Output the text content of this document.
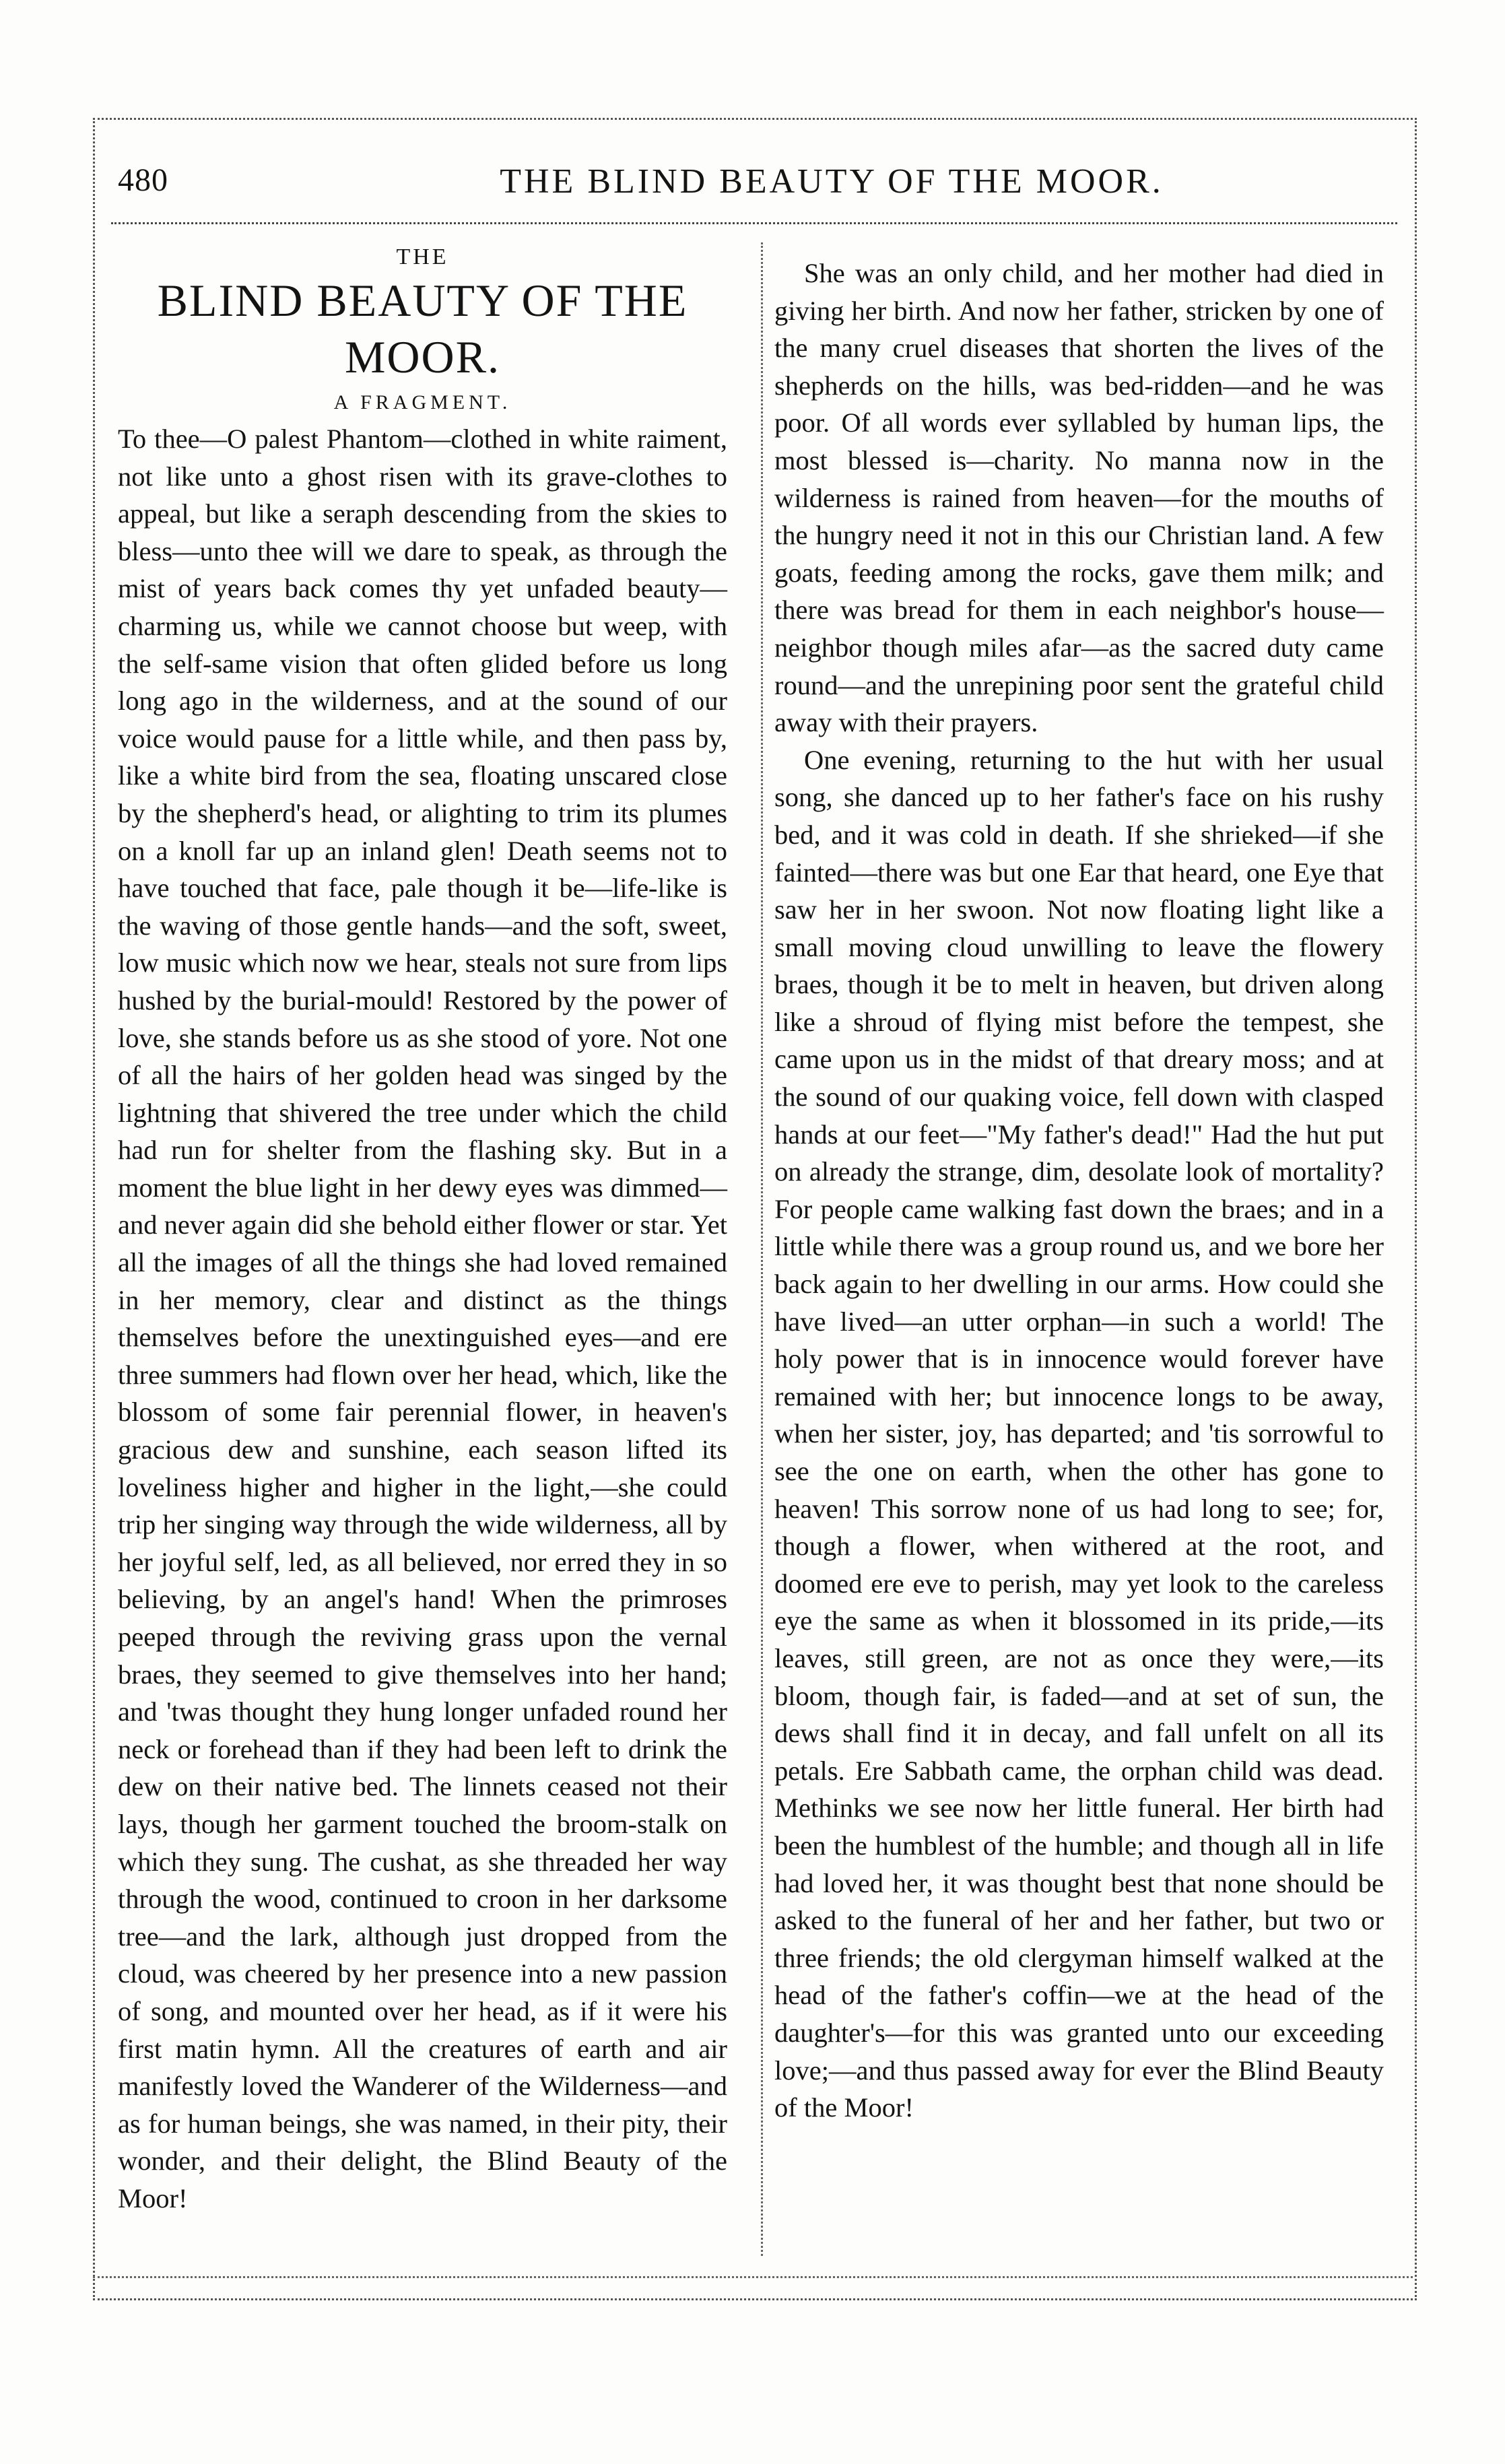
480	THE BLIND BEAUTY OF THE MOOR.
THE
BLIND BEAUTY OF THE MOOR.
A FRAGMENT.

To thee—O palest Phantom—clothed in white raiment, not like unto a ghost risen with its grave-clothes to appeal, but like a seraph descending from the skies to bless—unto thee will we dare to speak, as through the mist of years back comes thy yet unfaded beauty—charming us, while we cannot choose but weep, with the self-same vision that often glided before us long long ago in the wilderness, and at the sound of our voice would pause for a little while, and then pass by, like a white bird from the sea, floating unscared close by the shepherd's head, or alighting to trim its plumes on a knoll far up an inland glen! Death seems not to have touched that face, pale though it be—life-like is the waving of those gentle hands—and the soft, sweet, low music which now we hear, steals not sure from lips hushed by the burial-mould! Restored by the power of love, she stands before us as she stood of yore. Not one of all the hairs of her golden head was singed by the lightning that shivered the tree under which the child had run for shelter from the flashing sky. But in a moment the blue light in her dewy eyes was dimmed—and never again did she behold either flower or star. Yet all the images of all the things she had loved remained in her memory, clear and distinct as the things themselves before the unextinguished eyes—and ere three summers had flown over her head, which, like the blossom of some fair perennial flower, in heaven's gracious dew and sunshine, each season lifted its loveliness higher and higher in the light,—she could trip her singing way through the wide wilderness, all by her joyful self, led, as all believed, nor erred they in so believing, by an angel's hand! When the primroses peeped through the reviving grass upon the vernal braes, they seemed to give themselves into her hand; and 'twas thought they hung longer unfaded round her neck or forehead than if they had been left to drink the dew on their native bed. The linnets ceased not their lays, though her garment touched the broom-stalk on which they sung. The cushat, as she threaded her way through the wood, continued to croon in her darksome tree—and the lark, although just dropped from the cloud, was cheered by her presence into a new passion of song, and mounted over her head, as if it were his first matin hymn. All the creatures of earth and air manifestly loved the Wanderer of the Wilderness—and as for human beings, she was named, in their pity, their wonder, and their delight, the Blind Beauty of the Moor!

She was an only child, and her mother had died in giving her birth. And now her father, stricken by one of the many cruel diseases that shorten the lives of the shepherds on the hills, was bed-ridden—and he was poor. Of all words ever syllabled by human lips, the most blessed is—charity. No manna now in the wilderness is rained from heaven—for the mouths of the hungry need it not in this our Christian land. A few goats, feeding among the rocks, gave them milk; and there was bread for them in each neighbor's house—neighbor though miles afar—as the sacred duty came round—and the unrepining poor sent the grateful child away with their prayers.

One evening, returning to the hut with her usual song, she danced up to her father's face on his rushy bed, and it was cold in death. If she shrieked—if she fainted—there was but one Ear that heard, one Eye that saw her in her swoon. Not now floating light like a small moving cloud unwilling to leave the flowery braes, though it be to melt in heaven, but driven along like a shroud of flying mist before the tempest, she came upon us in the midst of that dreary moss; and at the sound of our quaking voice, fell down with clasped hands at our feet—"My father's dead!" Had the hut put on already the strange, dim, desolate look of mortality? For people came walking fast down the braes; and in a little while there was a group round us, and we bore her back again to her dwelling in our arms. How could she have lived—an utter orphan—in such a world! The holy power that is in innocence would forever have remained with her; but innocence longs to be away, when her sister, joy, has departed; and 'tis sorrowful to see the one on earth, when the other has gone to heaven! This sorrow none of us had long to see; for, though a flower, when withered at the root, and doomed ere eve to perish, may yet look to the careless eye the same as when it blossomed in its pride,—its leaves, still green, are not as once they were,—its bloom, though fair, is faded—and at set of sun, the dews shall find it in decay, and fall unfelt on all its petals. Ere Sabbath came, the orphan child was dead. Methinks we see now her little funeral. Her birth had been the humblest of the humble; and though all in life had loved her, it was thought best that none should be asked to the funeral of her and her father, but two or three friends; the old clergyman himself walked at the head of the father's coffin—we at the head of the daughter's—for this was granted unto our exceeding love;—and thus passed away for ever the Blind Beauty of the Moor!
